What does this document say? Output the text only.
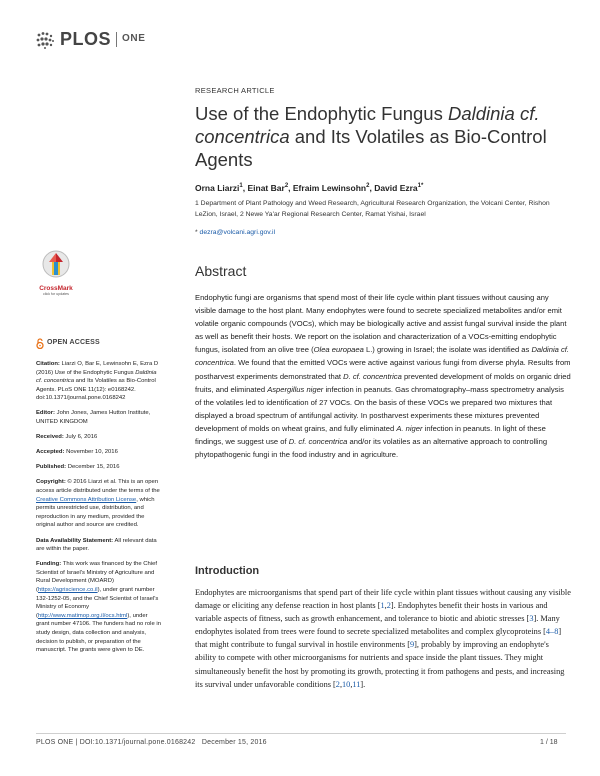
PLOS ONE
RESEARCH ARTICLE
Use of the Endophytic Fungus Daldinia cf. concentrica and Its Volatiles as Bio-Control Agents
Orna Liarzi$^1$, Einat Bar$^2$, Efraim Lewinsohn$^2$, David Ezra$^{1*}$
1 Department of Plant Pathology and Weed Research, Agricultural Research Organization, the Volcani Center, Rishon LeZion, Israel, 2 Newe Ya'ar Regional Research Center, Ramat Yishai, Israel
* dezra@volcani.agri.gov.il
CrossMark
click for updates
OPEN ACCESS

Citation: Liarzi O, Bar E, Lewinsohn E, Ezra D (2016) Use of the Endophytic Fungus Daldinia cf. concentrica and Its Volatiles as Bio-Control Agents. PLoS ONE 11(12): e0168242. doi:10.1371/journal.pone.0168242

Editor: John Jones, James Hutton Institute, UNITED KINGDOM

Received: July 6, 2016

Accepted: November 10, 2016

Published: December 15, 2016

Copyright: © 2016 Liarzi et al. This is an open access article distributed under the terms of the Creative Commons Attribution License, which permits unrestricted use, distribution, and reproduction in any medium, provided the original author and source are credited.

Data Availability Statement: All relevant data are within the paper.

Funding: This work was financed by the Chief Scientist of Israel's Ministry of Agriculture and Rural Development (MOARD) (https://agriscience.co.il), under grant number 132-1252-05, and the Chief Scientist of Israel's Ministry of Economy (http://www.matimop.org.il/ocs.html), under grant number 47106. The funders had no role in study design, data collection and analysis, decision to publish, or preparation of the manuscript. The grants were given to DE.

Abstract
Endophytic fungi are organisms that spend most of their life cycle within plant tissues without causing any visible damage to the host plant. Many endophytes were found to secrete specialized metabolites and/or emit volatile organic compounds (VOCs), which may be biologically active and assist fungal survival inside the plant as well as benefit their hosts. We report on the isolation and characterization of a VOCs-emitting endophytic fungus, isolated from an olive tree (Olea europaea L.) growing in Israel; the isolate was identified as Daldinia cf. concentrica. We found that the emitted VOCs were active against various fungi from diverse phyla. Results from postharvest experiments demonstrated that D. cf. concentrica prevented development of molds on organic dried fruits, and eliminated Aspergillus niger infection in peanuts. Gas chromatography–mass spectrometry analysis of the volatiles led to identification of 27 VOCs. On the basis of these VOCs we prepared two mixtures that displayed a broad spectrum of antifungal activity. In postharvest experiments these mixtures prevented development of molds on wheat grains, and fully eliminated A. niger infection in peanuts. In light of these findings, we suggest use of D. cf. concentrica and/or its volatiles as an alternative approach to controlling phytopathogenic fungi in the food industry and in agriculture.
Introduction
Endophytes are microorganisms that spend part of their life cycle within plant tissues without causing any visible damage or eliciting any defense reaction in host plants [1,2]. Endophytes benefit their hosts in various and variable aspects of fitness, such as growth enhancement, and tolerance to biotic and abiotic stresses [3]. Many endophytes isolated from trees were found to secrete specialized metabolites and complex glycoproteins [4–8] that might contribute to fungal survival in hostile environments [9], probably by improving an endophyte's ability to compete with other microorganisms for nutrients and space inside the plant tissues. They might simultaneously benefit the host by promoting its growth, protecting it from pathogens and pests, and increasing its survival under unfavorable conditions [2,10,11].
PLOS ONE | DOI:10.1371/journal.pone.0168242   December 15, 2016	1 / 18
